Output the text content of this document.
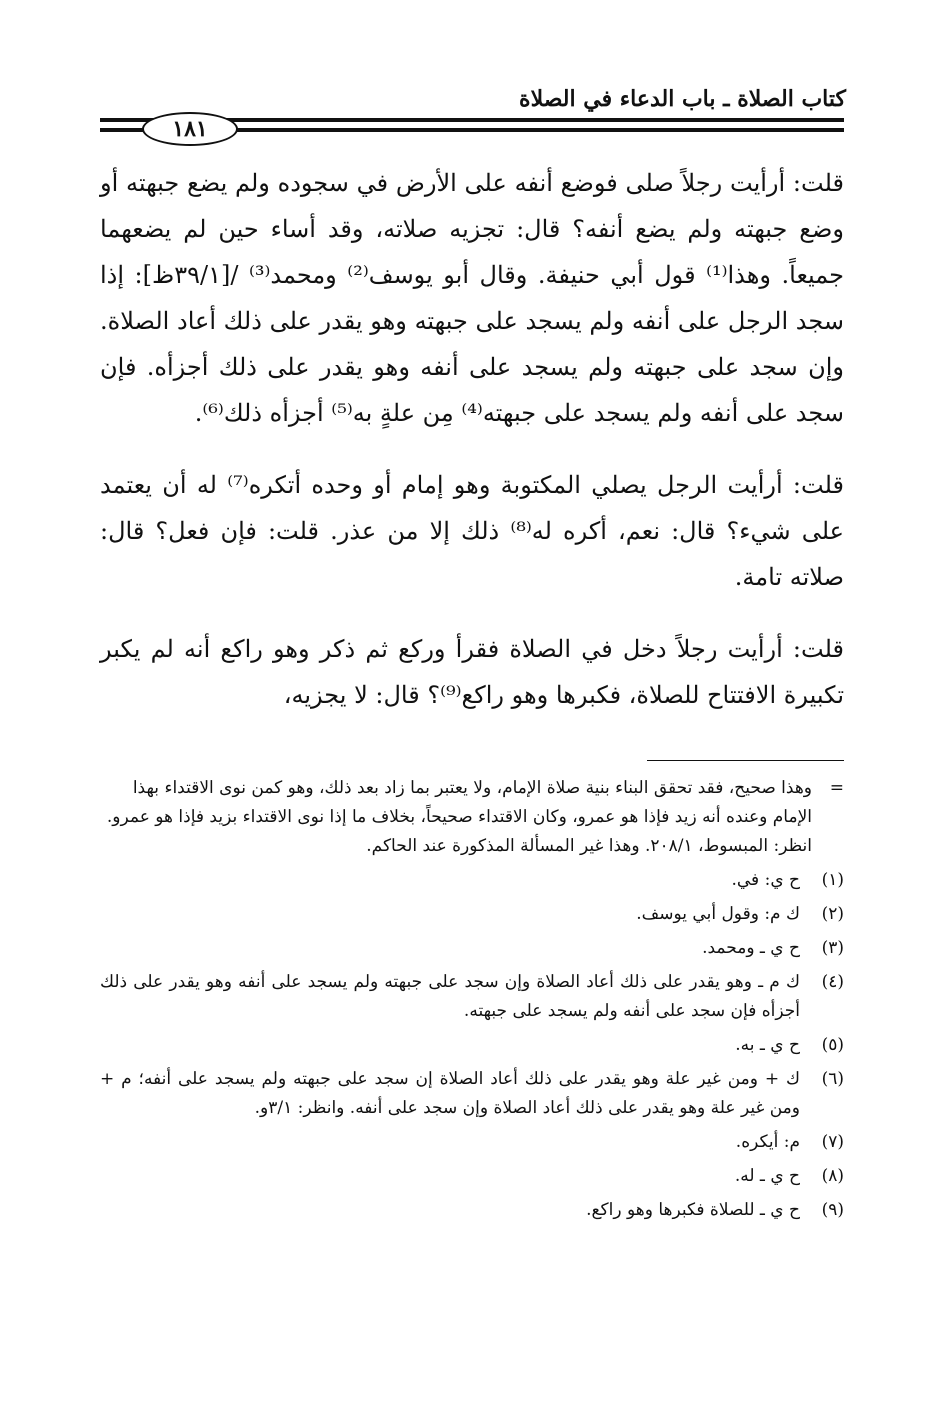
كتاب الصلاة ـ باب الدعاء في الصلاة
١٨١

قلت: أرأيت رجلاً صلى فوضع أنفه على الأرض في سجوده ولم يضع جبهته أو وضع جبهته ولم يضع أنفه؟ قال: تجزيه صلاته، وقد أساء حين لم يضعهما جميعاً. وهذا⁽¹⁾ قول أبي حنيفة. وقال أبو يوسف⁽²⁾ ومحمد⁽³⁾ /[٣٩/١ظ]: إذا سجد الرجل على أنفه ولم يسجد على جبهته وهو يقدر على ذلك أعاد الصلاة. وإن سجد على جبهته ولم يسجد على أنفه وهو يقدر على ذلك أجزأه. فإن سجد على أنفه ولم يسجد على جبهته⁽⁴⁾ مِن علةٍ به⁽⁵⁾ أجزأه ذلك⁽⁶⁾.

قلت: أرأيت الرجل يصلي المكتوبة وهو إمام أو وحده أتكره⁽⁷⁾ له أن يعتمد على شيء؟ قال: نعم، أكره له⁽⁸⁾ ذلك إلا من عذر. قلت: فإن فعل؟ قال: صلاته تامة.

قلت: أرأيت رجلاً دخل في الصلاة فقرأ وركع ثم ذكر وهو راكع أنه لم يكبر تكبيرة الافتتاح للصلاة، فكبرها وهو راكع⁽⁹⁾؟ قال: لا يجزيه،

=
وهذا صحيح، فقد تحقق البناء بنية صلاة الإمام، ولا يعتبر بما زاد بعد ذلك، وهو كمن نوى الاقتداء بهذا الإمام وعنده أنه زيد فإذا هو عمرو، وكان الاقتداء صحيحاً، بخلاف ما إذا نوى الاقتداء بزيد فإذا هو عمرو. انظر: المبسوط، ٢٠٨/١. وهذا غير المسألة المذكورة عند الحاكم.
(١)
ح ي: في.
(٢)
ك م: وقول أبي يوسف.
(٣)
ح ي ـ ومحمد.
(٤)
ك م ـ وهو يقدر على ذلك أعاد الصلاة وإن سجد على جبهته ولم يسجد على أنفه وهو يقدر على ذلك أجزأه فإن سجد على أنفه ولم يسجد على جبهته.
(٥)
ح ي ـ به.
(٦)
ك + ومن غير علة وهو يقدر على ذلك أعاد الصلاة إن سجد على جبهته ولم يسجد على أنفه؛ م + ومن غير علة وهو يقدر على ذلك أعاد الصلاة وإن سجد على أنفه. وانظر: ٣/١و.
(٧)
م: أيكره.
(٨)
ح ي ـ له.
(٩)
ح ي ـ للصلاة فكبرها وهو راكع.
